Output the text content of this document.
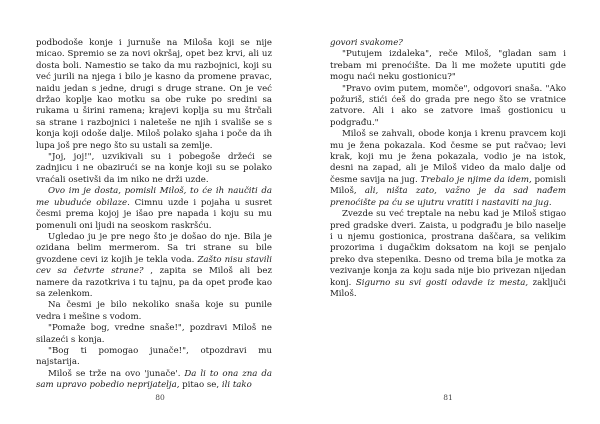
podbodoše konje i jurnuše na Miloša koji se nije micao. Spremio se za novi okršaj, opet bez krvi, ali uz dosta boli. Namestio se tako da mu razbojnici, koji su već jurili na njega i bilo je kasno da promene pravac, naidu jedan s jedne, drugi s druge strane. On je već držao koplje kao motku sa obe ruke po sredini sa rukama u širini ramena; krajevi koplja su mu štrčali sa strane i razbojnici i naleteše ne njih i svališe se s konja koji odoše dalje. Miloš polako sjaha i poče da ih lupa još pre nego što su ustali sa zemlje.

"Joj, joj!", uzvikivali su i pobegoše držeći se zadnjicu i ne obazirući se na konje koji su se polako vraćali osetivši da im niko ne drži uzde.

Ovo im je dosta, pomisli Miloš, to će ih naučiti da me ubuduće obilaze. Cimnu uzde i pojaha u susret česmi prema kojoj je išao pre napada i koju su mu pomenuli oni ljudi na seoskom raskršću.

Ugledao ju je pre nego što je došao do nje. Bila je ozidana belim mermerom. Sa tri strane su bile gvozdene cevi iz kojih je tekla voda. Zašto nisu stavili cev sa četvrte strane? , zapita se Miloš ali bez namere da razotkriva i tu tajnu, pa da opet prođe kao sa zelenkom.

Na česmi je bilo nekoliko snaša koje su punile vedra i mešine s vodom.

"Pomaže bog, vredne snaše!", pozdravi Miloš ne silazeći s konja.

"Bog ti pomogao junače!", otpozdravi mu najstarija.

Miloš se trže na ovo 'junače'. Da li to ona zna da sam upravo pobedio neprijatelja, pitao se, ili tako

80

govori svakome?

"Putujem izdaleka", reče Miloš, "gladan sam i trebam mi prenoćište. Da li me možete uputiti gde mogu naći neku gostionicu?"

"Pravo ovim putem, momče", odgovori snaša. "Ako požuriš, stići ćeš do grada pre nego što se vratnice zatvore. Ali i ako se zatvore imaš gostionicu u podgrađu."

Miloš se zahvali, obode konja i krenu pravcem koji mu je žena pokazala. Kod česme se put račvao; levi krak, koji mu je žena pokazala, vodio je na istok, desni na zapad, ali je Miloš video da malo dalje od česme savija na jug. Trebalo je njime da idem, pomisli Miloš, ali, ništa zato, važno je da sad nađem prenoćište pa ću se ujutru vratiti i nastaviti na jug.

Zvezde su već treptale na nebu kad je Miloš stigao pred gradske dveri. Zaista, u podgrađu je bilo naselje i u njemu gostionica, prostrana daščara, sa velikim prozorima i dugačkim doksatom na koji se penjalo preko dva stepenika. Desno od trema bila je motka za vezivanje konja za koju sada nije bio privezan nijedan konj. Sigurno su svi gosti odavde iz mesta, zaključi Miloš.

81
